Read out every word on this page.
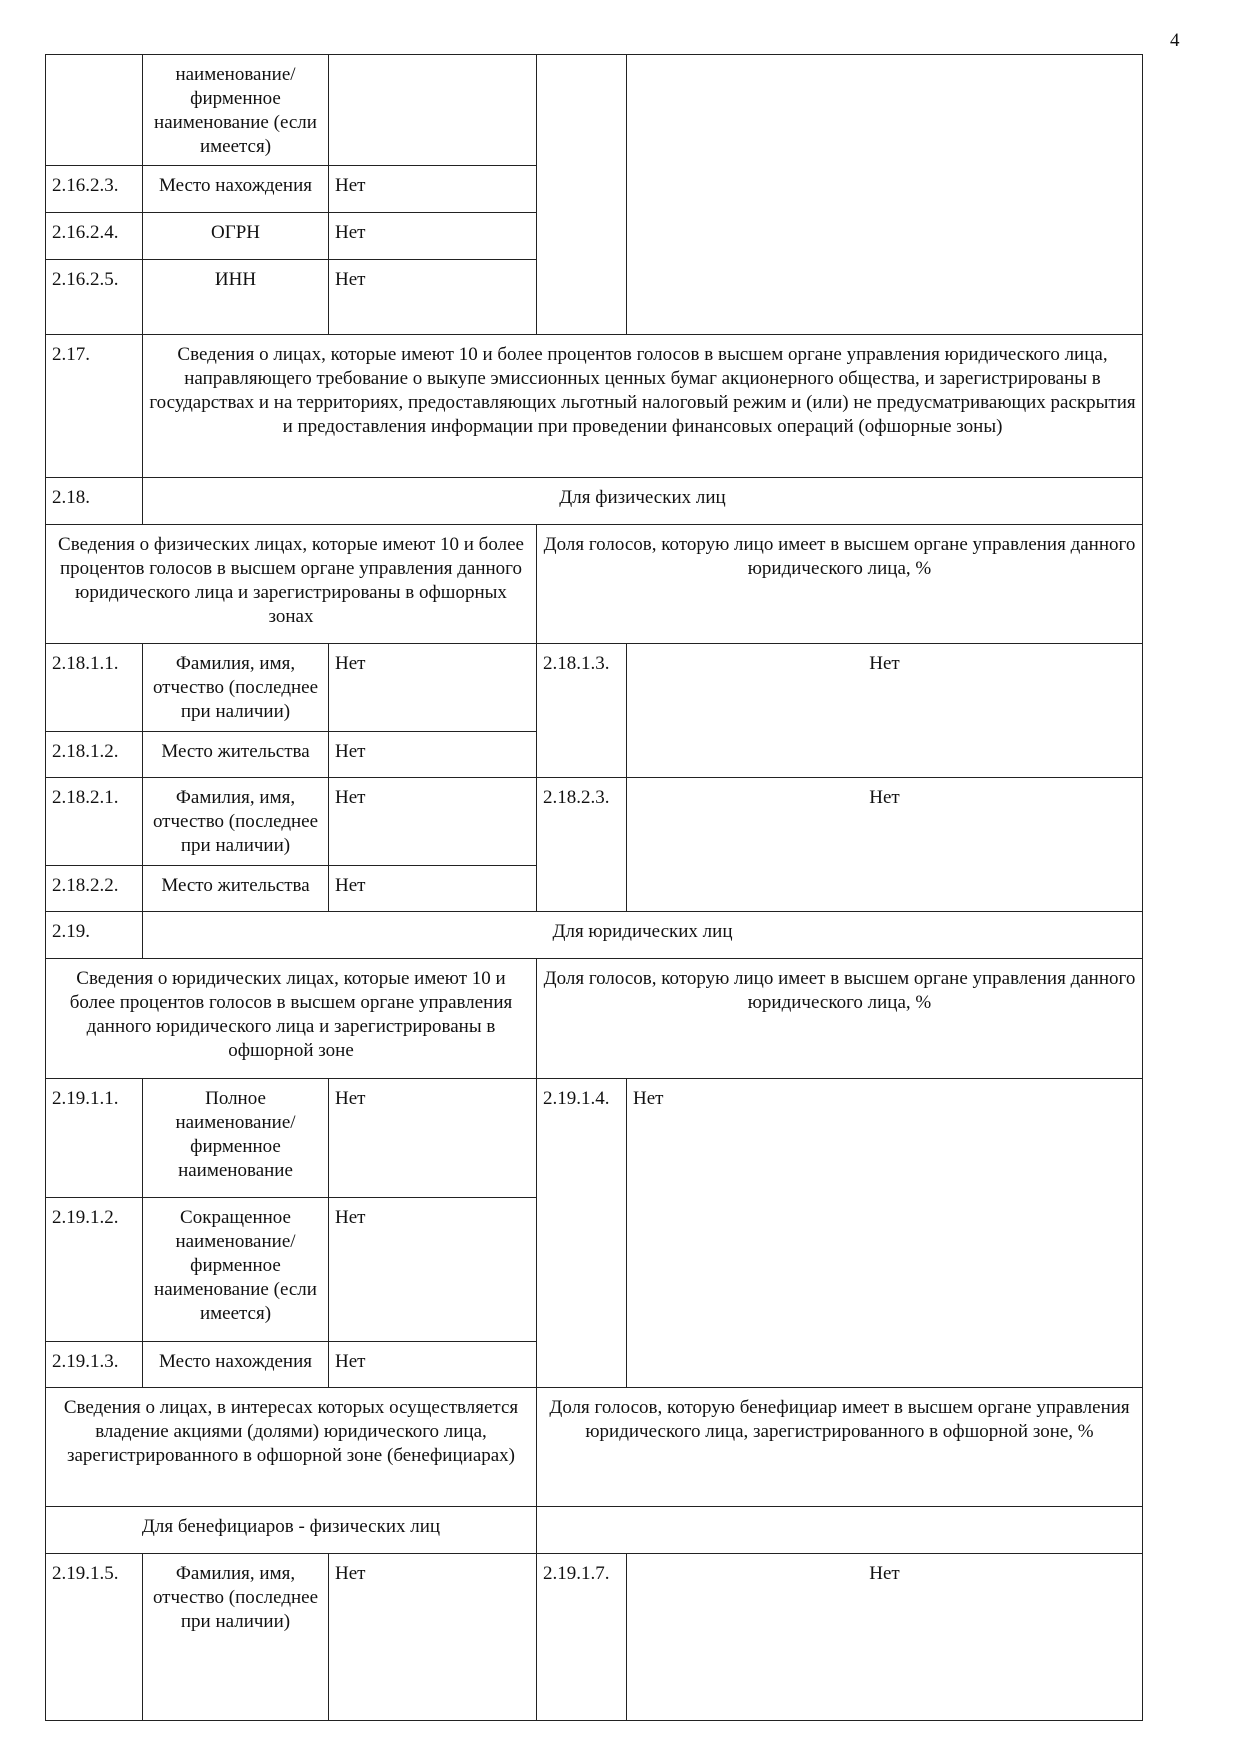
4
	наименование/фирменное наименование (если имеется)			
2.16.2.3.	Место нахождения	Нет		
2.16.2.4.	ОГРН	Нет		
2.16.2.5.	ИНН	Нет		
2.17.	Сведения о лицах, которые имеют 10 и более процентов голосов в высшем органе управления юридического лица, направляющего требование о выкупе эмиссионных ценных бумаг акционерного общества, и зарегистрированы в государствах и на территориях, предоставляющих льготный налоговый режим и (или) не предусматривающих раскрытия и предоставления информации при проведении финансовых операций (офшорные зоны)			
2.18.	Для физических лиц			
Сведения о физических лицах, которые имеют 10 и более процентов голосов в высшем органе управления данного юридического лица и зарегистрированы в офшорных зонах			Доля голосов, которую лицо имеет в высшем органе управления данного юридического лица, %	
2.18.1.1.	Фамилия, имя, отчество (последнее при наличии)	Нет	2.18.1.3.	Нет
2.18.1.2.	Место жительства	Нет		
2.18.2.1.	Фамилия, имя, отчество (последнее при наличии)	Нет	2.18.2.3.	Нет
2.18.2.2.	Место жительства	Нет		
2.19.	Для юридических лиц			
Сведения о юридических лицах, которые имеют 10 и более процентов голосов в высшем органе управления данного юридического лица и зарегистрированы в офшорной зоне			Доля голосов, которую лицо имеет в высшем органе управления данного юридического лица, %	
2.19.1.1.	Полное наименование/фирменное наименование	Нет	2.19.1.4.	Нет
2.19.1.2.	Сокращенное наименование/фирменное наименование (если имеется)	Нет		
2.19.1.3.	Место нахождения	Нет		
Сведения о лицах, в интересах которых осуществляется владение акциями (долями) юридического лица, зарегистрированного в офшорной зоне (бенефициарах)			Доля голосов, которую бенефициар имеет в высшем органе управления юридического лица, зарегистрированного в офшорной зоне, %	
Для бенефициаров - физических лиц				
2.19.1.5.	Фамилия, имя, отчество (последнее при наличии)	Нет	2.19.1.7.	Нет
